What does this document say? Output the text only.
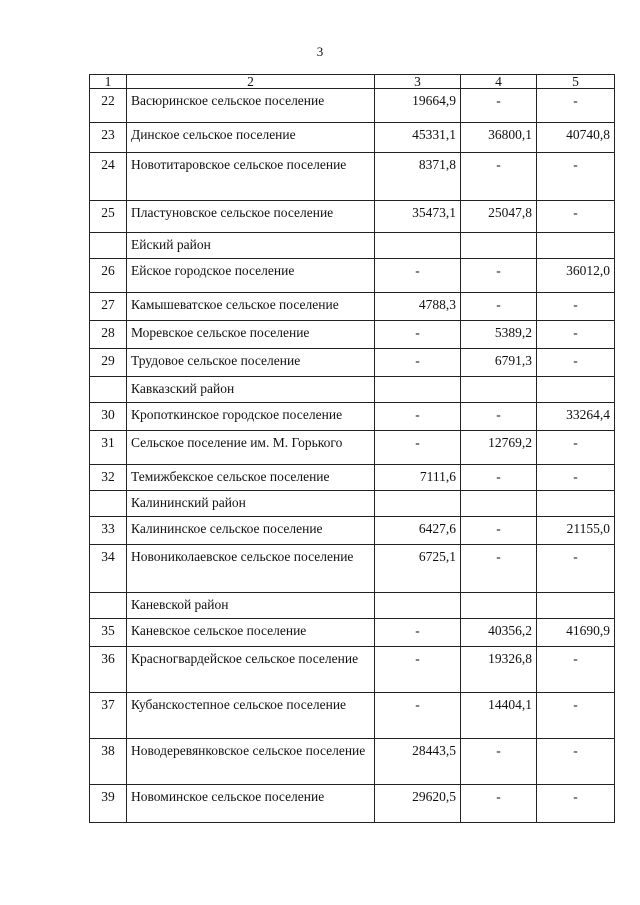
3
1	2	3	4	5
22	Васюринское сельское поселение	19664,9	-	-
23	Динское сельское поселение	45331,1	36800,1	40740,8
24	Новотитаровское сельское поселение	8371,8	-	-
25	Пластуновское сельское поселение	35473,1	25047,8	-
	Ейский район			
26	Ейское городское поселение	-	-	36012,0
27	Камышеватское сельское поселение	4788,3	-	-
28	Моревское сельское поселение	-	5389,2	-
29	Трудовое сельское поселение	-	6791,3	-
	Кавказский район			
30	Кропоткинское городское поселение	-	-	33264,4
31	Сельское поселение им. М. Горького	-	12769,2	-
32	Темижбекское сельское поселение	7111,6	-	-
	Калининский район			
33	Калининское сельское поселение	6427,6	-	21155,0
34	Новониколаевское сельское поселение	6725,1	-	-
	Каневской район			
35	Каневское сельское поселение	-	40356,2	41690,9
36	Красногвардейское сельское поселение	-	19326,8	-
37	Кубанскостепное сельское поселение	-	14404,1	-
38	Новодеревянковское сельское поселение	28443,5	-	-
39	Новоминское сельское поселение	29620,5	-	-
